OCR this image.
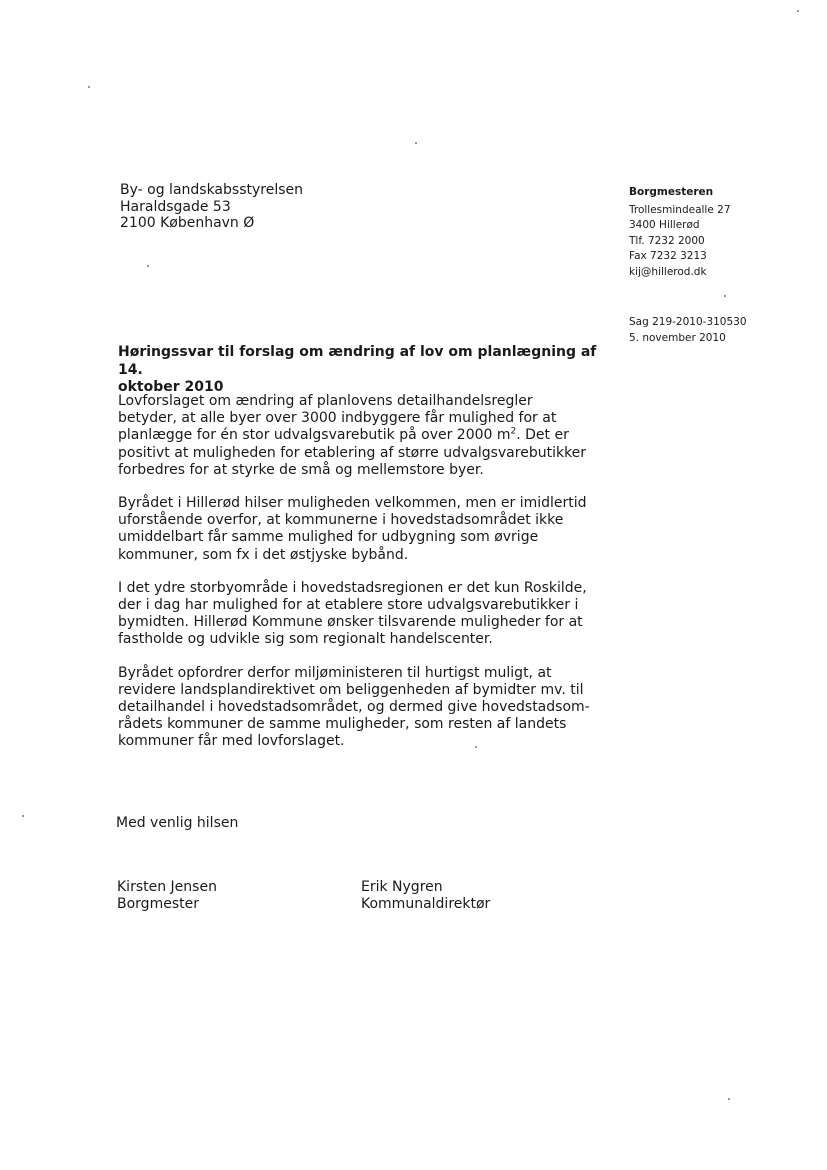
By- og landskabsstyrelsen
Haraldsgade 53
2100 København Ø
Borgmesteren
Trollesmindealle 27
3400 Hillerød
Tlf. 7232 2000
Fax 7232 3213
kij@hillerod.dk
Sag 219-2010-310530
5. november 2010
Høringssvar til forslag om ændring af lov om planlægning af 14.
oktober 2010

Lovforslaget om ændring af planlovens detailhandelsregler
betyder, at alle byer over 3000 indbyggere får mulighed for at
planlægge for én stor udvalgsvarebutik på over 2000 $m^2$. Det er
positivt at muligheden for etablering af større udvalgsvarebutikker
forbedres for at styrke de små og mellemstore byer.

Byrådet i Hillerød hilser muligheden velkommen, men er imidlertid
uforstående overfor, at kommunerne i hovedstadsområdet ikke
umiddelbart får samme mulighed for udbygning som øvrige
kommuner, som fx i det østjyske bybånd.

I det ydre storbyområde i hovedstadsregionen er det kun Roskilde,
der i dag har mulighed for at etablere store udvalgsvarebutikker i
bymidten. Hillerød Kommune ønsker tilsvarende muligheder for at
fastholde og udvikle sig som regionalt handelscenter.

Byrådet opfordrer derfor miljøministeren til hurtigst muligt, at
revidere landsplandirektivet om beliggenheden af bymidter mv. til
detailhandel i hovedstadsområdet, og dermed give hovedstadsom-
rådets kommuner de samme muligheder, som resten af landets
kommuner får med lovforslaget.

Med venlig hilsen
Kirsten Jensen
Borgmester
Erik Nygren
Kommunaldirektør
